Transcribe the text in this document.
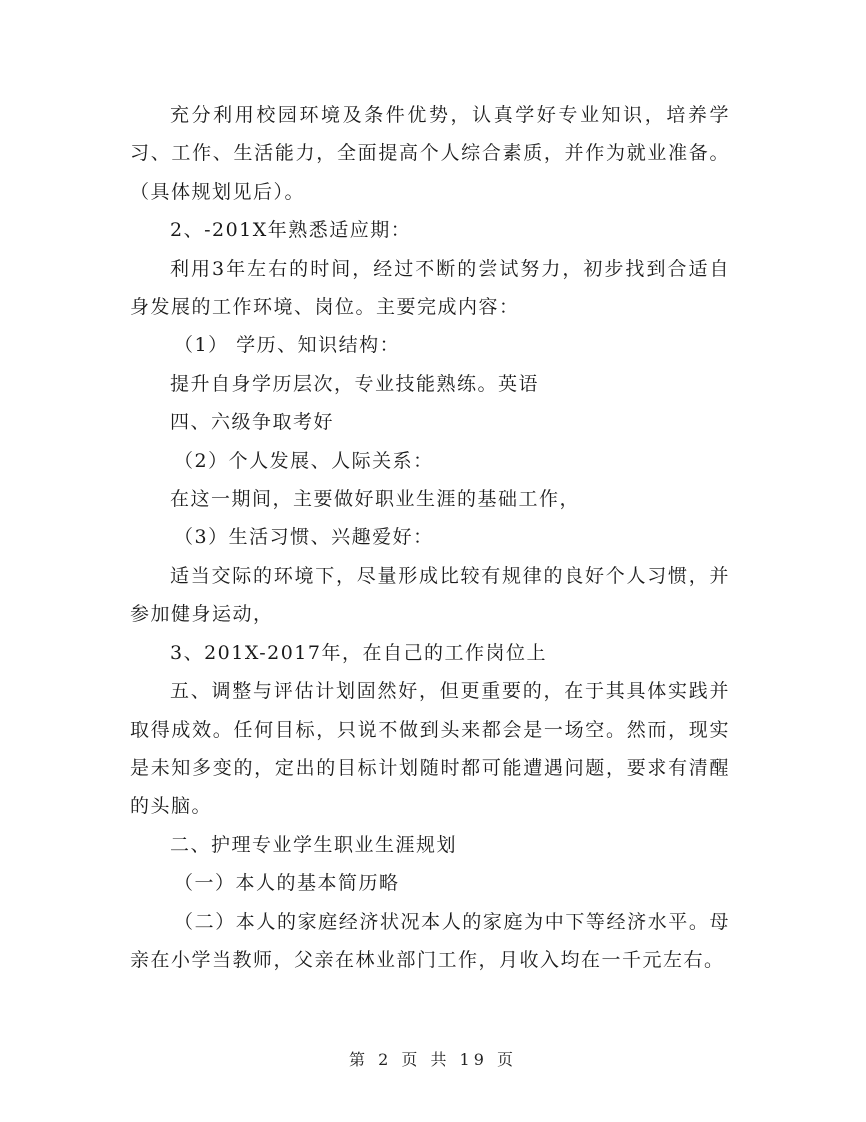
充分利用校园环境及条件优势，认真学好专业知识，培养学习、工作、生活能力，全面提高个人综合素质，并作为就业准备。（具体规划见后）。

2、-201X年熟悉适应期：

利用3年左右的时间，经过不断的尝试努力，初步找到合适自身发展的工作环境、岗位。主要完成内容：

（1） 学历、知识结构：

提升自身学历层次，专业技能熟练。英语

四、六级争取考好

（2）个人发展、人际关系：

在这一期间，主要做好职业生涯的基础工作，

（3）生活习惯、兴趣爱好：

适当交际的环境下，尽量形成比较有规律的良好个人习惯，并参加健身运动，

3、201X-2017年，在自己的工作岗位上

五、调整与评估计划固然好，但更重要的，在于其具体实践并取得成效。任何目标，只说不做到头来都会是一场空。然而，现实是未知多变的，定出的目标计划随时都可能遭遇问题，要求有清醒的头脑。

二、护理专业学生职业生涯规划

（一）本人的基本简历略

（二）本人的家庭经济状况本人的家庭为中下等经济水平。母亲在小学当教师，父亲在林业部门工作，月收入均在一千元左右。

第 2 页 共 19 页
